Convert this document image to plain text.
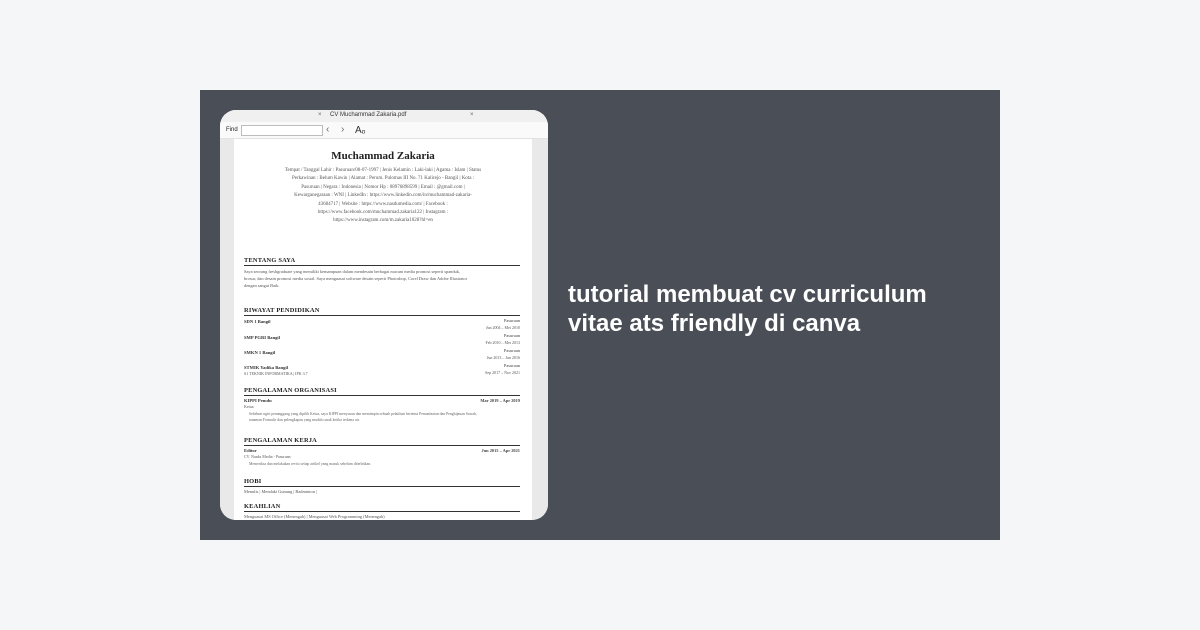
× CV Muchammad Zakaria.pdf	×
Find	‹ › Aₒ
Muchammad Zakaria
Tempat / Tanggal Lahir : Pasuruan/08-07-1997 | Jenis Kelamin : Laki-laki | Agama : Islam | Status
Perkawinan : Belum Kawin | Alamat : Perum. Pulomas III No. 71 Kalirejo - Bangil | Kota :
Pasuruan | Negara : Indonesia | Nomor Hp : 08976898599 | Email : @gmail.com |
Kewarganegaraan : WNI | LinkedIn : https://www.linkedin.com/in/muchammad-zakaria-
43684717 | Website : https://www.nasdumedia.com/ | Facebook :
https://www.facebook.com/muchammad.zakaria122 | Instagram :
https://www.instagram.com/m.zakaria1028?hl=en
TENTANG SAYA
Saya seorang freshgraduate yang memiliki kemampuan dalam mendesain berbagai macam media promosi seperti spanduk,
brosur, dan desain promosi media sosial. Saya menguasai software desain seperti Photoshop, Corel Draw dan Adobe Illustrator
dengan sangat Baik.
RIWAYAT PENDIDIKAN
SDN 1 Bangil	Pasuruan
Jun 2004 – Mei 2010
SMP PGRI Bangil	Pasuruan
Feb 2010 – Mei 2013
SMKN 1 Bangil	Pasuruan
Jun 2013 – Jun 2016
STMIK Yadika Bangil
S1 TEKNIK INFORMATIKA | IPK 3.7
Pasuruan
Sep 2017 – Nov 2021
PENGALAMAN ORGANISASI
KIPPI Pemdu	Mar 2019 – Apr 2019
Ketua
Sebelum ngiri penanggung yang dipilih Ketua, saya KIPPI menyusun dan memimpin sebuah pelatihan bertema Pemanfaatan dan Penghijauan Sawah,
tanaman Formulir dan pelengkapan yang mudah rusak ketika terkena air.
PENGALAMAN KERJA
Editor	Jun 2015 – Apr 2021
CV. Nasdu Media - Pasuruan
Memeriksa dan melakukan revisi setiap artikel yang masuk sebelum diterbitkan.
HOBI
Menulis | Mendaki Gunung | Badminton |
KEAHLIAN
Menguasai MS Office (Menengah) | Menguasai Web Programming (Menengah)
tutorial membuat cv curriculum
vitae ats friendly di canva
